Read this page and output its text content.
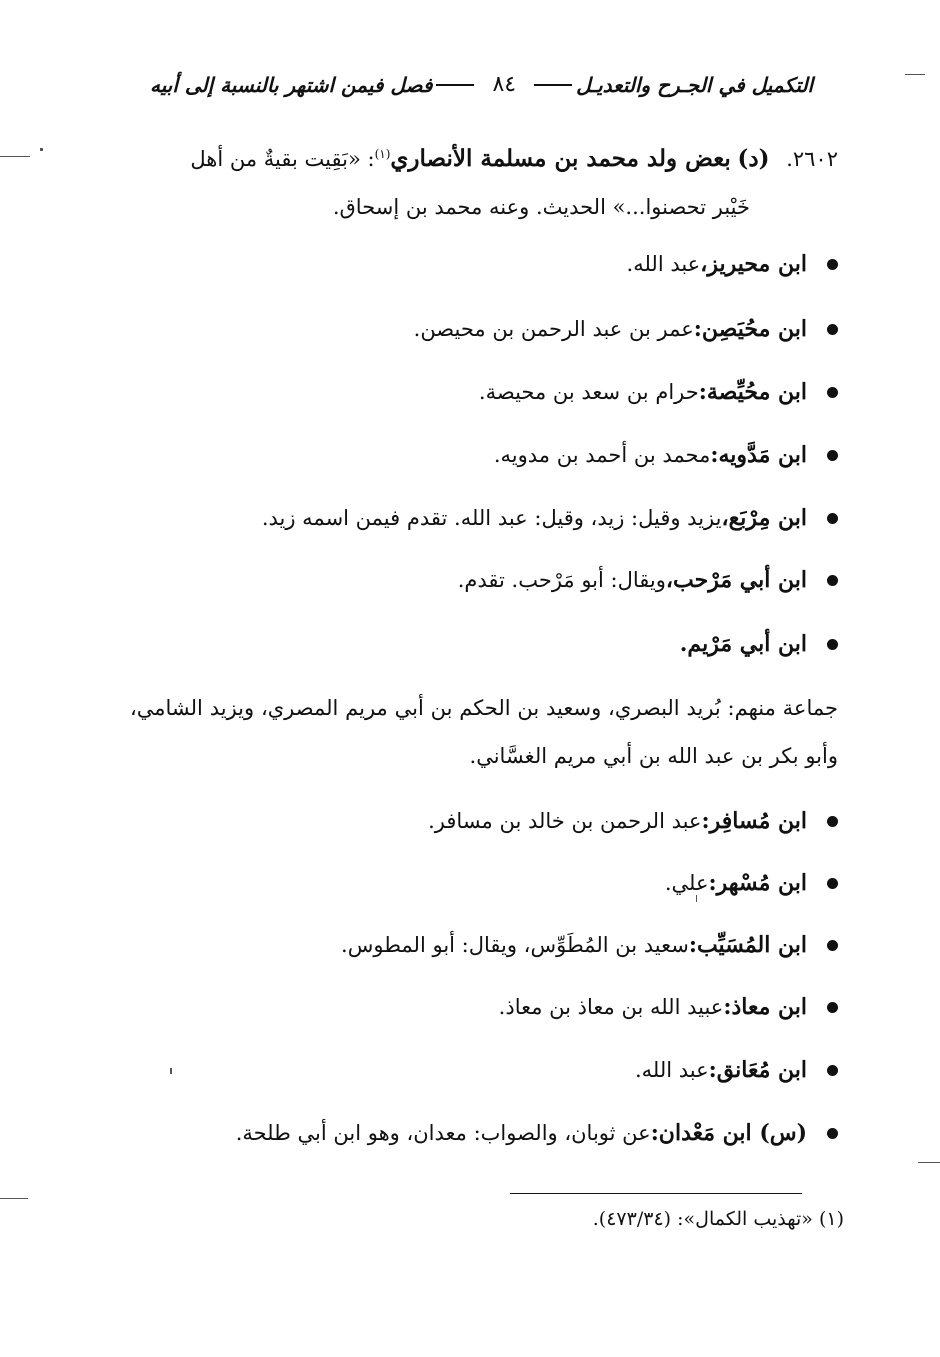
فصل فيمن اشتهر بالنسبة إلى أبيه	٨٤	التكميل في الجـرح والتعديـل
٢٦٠٢. (د) بعض ولد محمد بن مسلمة الأنصاري$^{(١)}$: «بَقِيت بقيةٌ من أهل
خَيْبر تحصنوا...» الحديث. وعنه محمد بن إسحاق.
ابن محيريز،
عبد الله.
ابن محُيَصِن:
عمر بن عبد الرحمن بن محيصن.
ابن محُيِّصة:
حرام بن سعد بن محيصة.
ابن مَدَّويه:
محمد بن أحمد بن مدويه.
ابن مِرْبَع،
يزيد وقيل: زيد، وقيل: عبد الله. تقدم فيمن اسمه زيد.
ابن أبي مَرْحب،
ويقال: أبو مَرْحب. تقدم.
ابن أبي مَرْيم.
جماعة منهم: بُريد البصري، وسعيد بن الحكم بن أبي مريم المصري، ويزيد الشامي، وأبو بكر بن عبد الله بن أبي مريم الغسَّاني.
ابن مُسافِر:
عبد الرحمن بن خالد بن مسافر.
ابن مُسْهر:
علي.
ابن المُسَيِّب:
سعيد بن المُطَوِّس، ويقال: أبو المطوس.
ابن معاذ:
عبيد الله بن معاذ بن معاذ.
ابن مُعَانق:
عبد الله.
(س) ابن مَعْدان:
عن ثوبان، والصواب: معدان، وهو ابن أبي طلحة.
(١) «تهذيب الكمال»: (٤٧٣/٣٤).
